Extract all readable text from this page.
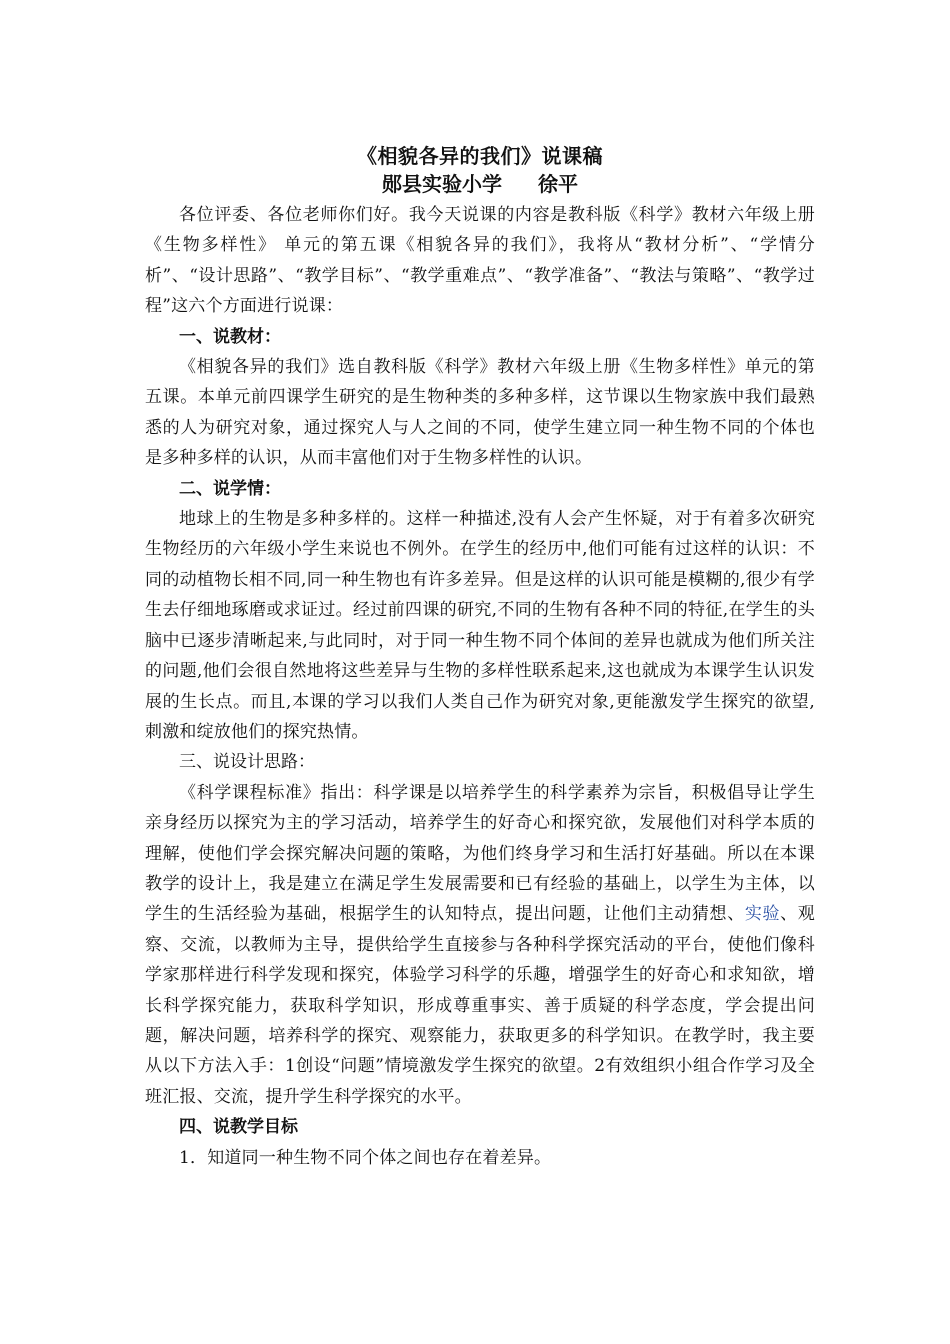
《相貌各异的我们》说课稿
郧县实验小学 徐平

各位评委、各位老师你们好。我今天说课的内容是教科版《科学》教材六年级上册《生物多样性》 单元的第五课《相貌各异的我们》，我将从“教材分析”、“学情分析”、“设计思路”、“教学目标”、“教学重难点”、“教学准备”、“教法与策略”、“教学过程”这六个方面进行说课：

一、说教材：

《相貌各异的我们》选自教科版《科学》教材六年级上册《生物多样性》单元的第五课。本单元前四课学生研究的是生物种类的多种多样，这节课以生物家族中我们最熟悉的人为研究对象，通过探究人与人之间的不同，使学生建立同一种生物不同的个体也是多种多样的认识，从而丰富他们对于生物多样性的认识。

二、说学情：

地球上的生物是多种多样的。这样一种描述,没有人会产生怀疑，对于有着多次研究生物经历的六年级小学生来说也不例外。在学生的经历中,他们可能有过这样的认识：不同的动植物长相不同,同一种生物也有许多差异。但是这样的认识可能是模糊的,很少有学生去仔细地琢磨或求证过。经过前四课的研究,不同的生物有各种不同的特征,在学生的头脑中已逐步清晰起来,与此同时，对于同一种生物不同个体间的差异也就成为他们所关注的问题,他们会很自然地将这些差异与生物的多样性联系起来,这也就成为本课学生认识发展的生长点。而且,本课的学习以我们人类自己作为研究对象,更能激发学生探究的欲望,刺激和绽放他们的探究热情。

三、说设计思路：

《科学课程标准》指出：科学课是以培养学生的科学素养为宗旨，积极倡导让学生亲身经历以探究为主的学习活动，培养学生的好奇心和探究欲，发展他们对科学本质的理解，使他们学会探究解决问题的策略，为他们终身学习和生活打好基础。所以在本课教学的设计上，我是建立在满足学生发展需要和已有经验的基础上，以学生为主体，以学生的生活经验为基础，根据学生的认知特点，提出问题，让他们主动猜想、实验、观察、交流，以教师为主导，提供给学生直接参与各种科学探究活动的平台，使他们像科学家那样进行科学发现和探究，体验学习科学的乐趣，增强学生的好奇心和求知欲，增长科学探究能力，获取科学知识，形成尊重事实、善于质疑的科学态度，学会提出问题，解决问题，培养科学的探究、观察能力，获取更多的科学知识。在教学时，我主要从以下方法入手：1创设“问题”情境激发学生探究的欲望。2有效组织小组合作学习及全班汇报、交流，提升学生科学探究的水平。

四、说教学目标

1．知道同一种生物不同个体之间也存在着差异。
